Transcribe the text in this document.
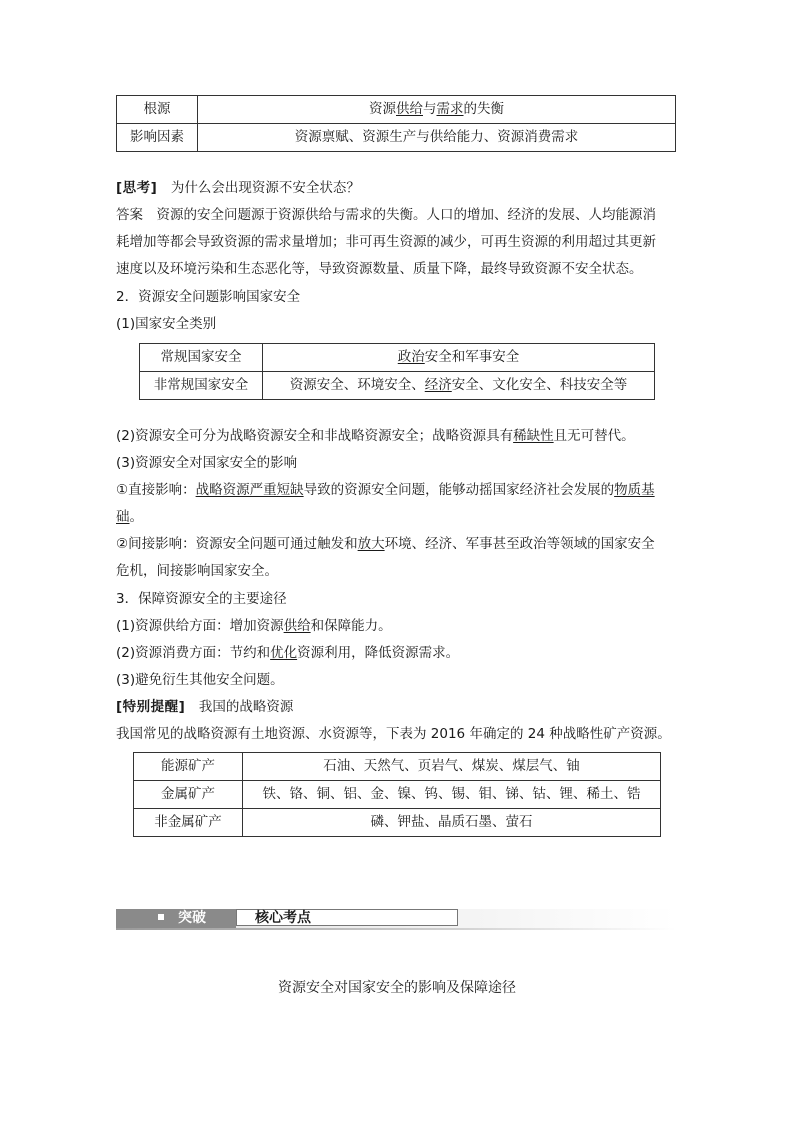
根源	资源供给与需求的失衡
影响因素	资源禀赋、资源生产与供给能力、资源消费需求
[思考]　 为什么会出现资源不安全状态？
答案　资源的安全问题源于资源供给与需求的失衡。人口的增加、经济的发展、人均能源消
耗增加等都会导致资源的需求量增加；非可再生资源的减少，可再生资源的利用超过其更新
速度以及环境污染和生态恶化等，导致资源数量、质量下降，最终导致资源不安全状态。
2．资源安全问题影响国家安全
(1)国家安全类别
常规国家安全	政治安全和军事安全
非常规国家安全	资源安全、环境安全、经济安全、文化安全、科技安全等
(2)资源安全可分为战略资源安全和非战略资源安全；战略资源具有稀缺性且无可替代。
(3)资源安全对国家安全的影响
①直接影响：战略资源严重短缺导致的资源安全问题，能够动摇国家经济社会发展的物质基
础。
②间接影响：资源安全问题可通过触发和放大环境、经济、军事甚至政治等领域的国家安全
危机，间接影响国家安全。
3．保障资源安全的主要途径
(1)资源供给方面：增加资源供给和保障能力。
(2)资源消费方面：节约和优化资源利用，降低资源需求。
(3)避免衍生其他安全问题。
[特别提醒]　 我国的战略资源
我国常见的战略资源有土地资源、水资源等，下表为 2016 年确定的 24 种战略性矿产资源。
能源矿产	石油、天然气、页岩气、煤炭、煤层气、铀
金属矿产	铁、铬、铜、铝、金、镍、钨、锡、钼、锑、钴、锂、稀土、锆
非金属矿产	磷、钾盐、晶质石墨、萤石
突破	核心考点
资源安全对国家安全的影响及保障途径
